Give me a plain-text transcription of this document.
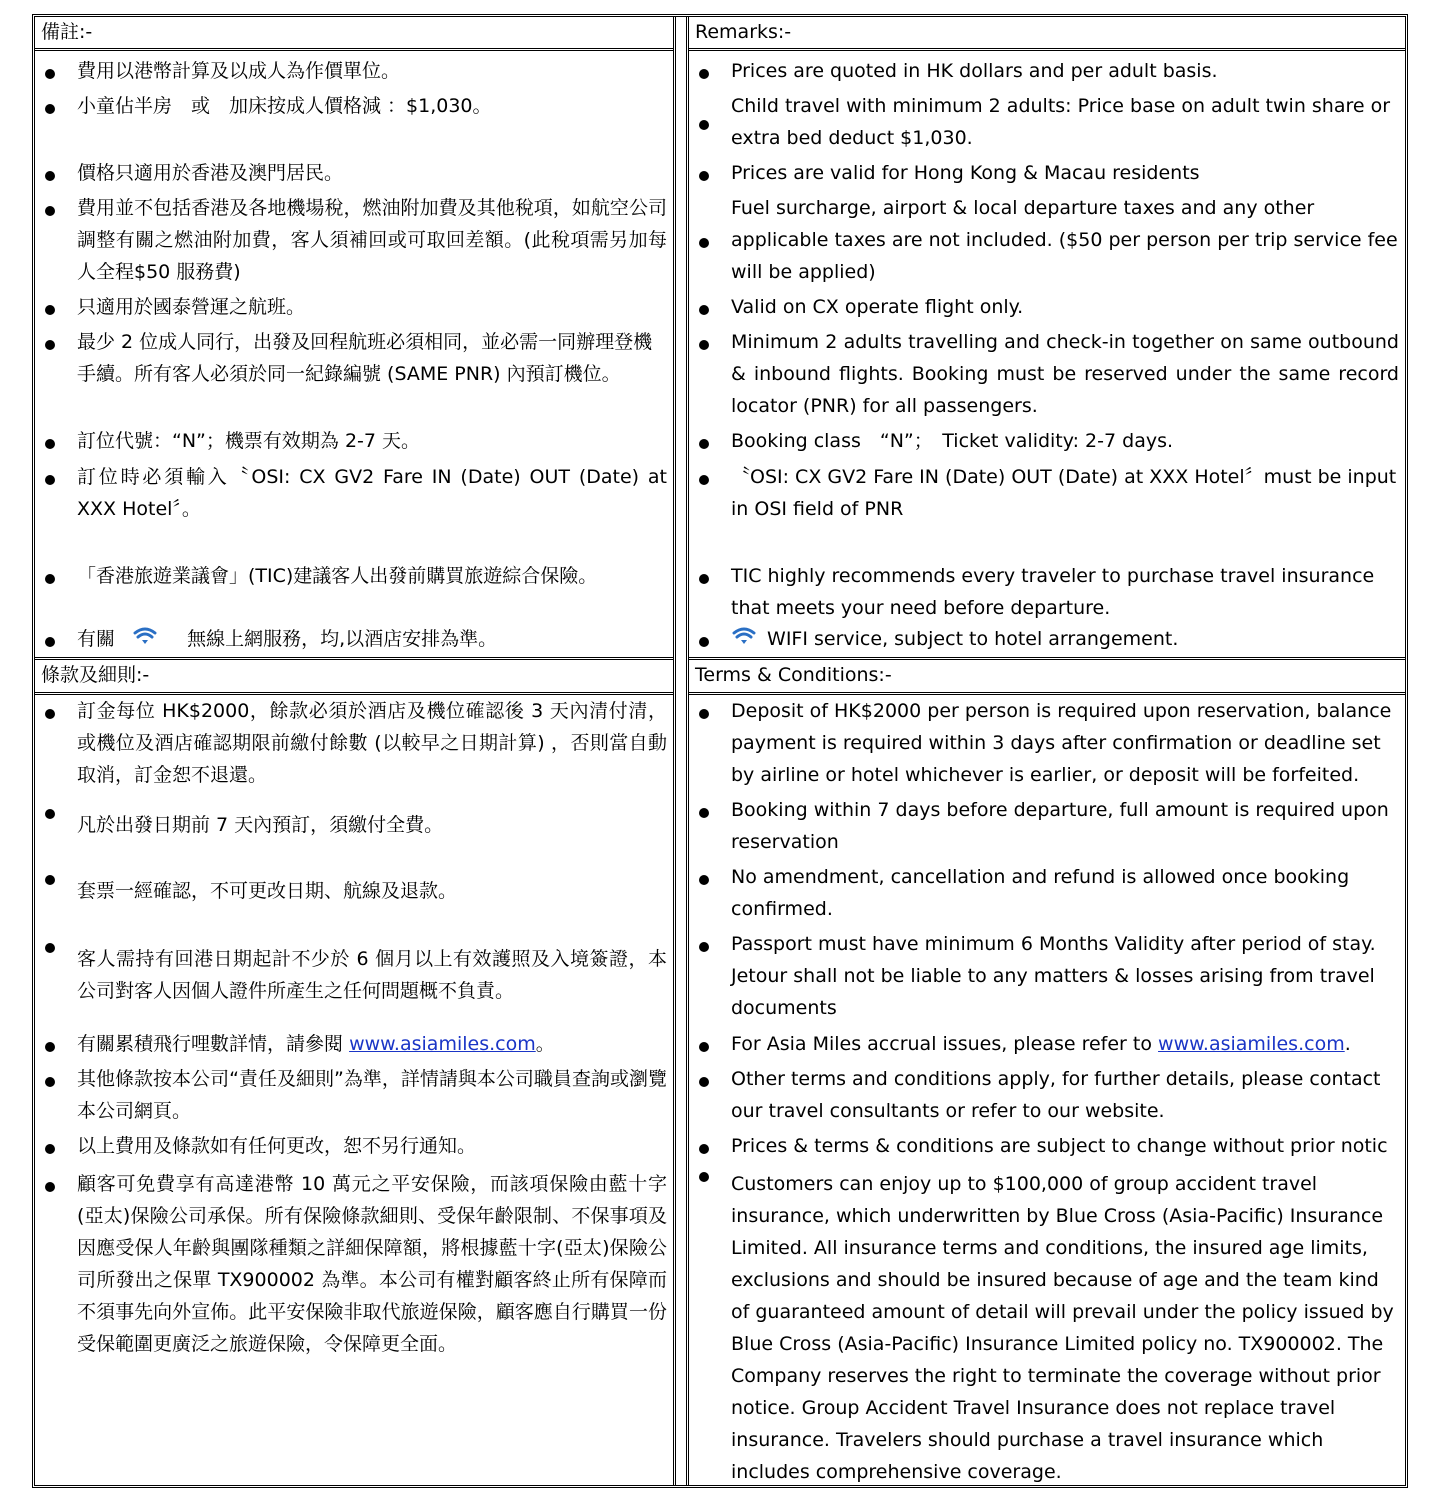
備註:-
費用以港幣計算及以成人為作價單位。
小童佔半房　或　加床按成人價格減 ：$1,030。
價格只適用於香港及澳門居民。
費用並不包括香港及各地機場稅，燃油附加費及其他稅項，如航空公司調整有關之燃油附加費，客人須補回或可取回差額。(此稅項需另加每人全程$50 服務費)
只適用於國泰營運之航班。
最少 2 位成人同行，出發及回程航班必須相同，並必需一同辦理登機手續。所有客人必須於同一紀錄編號 (SAME PNR) 內預訂機位。
訂位代號：“N”；機票有效期為 2-7 天。
訂位時必須輸入〝OSI: CX GV2 Fare IN (Date) OUT (Date) at XXX Hotel〞。
「香港旅遊業議會」(TIC)建議客人出發前購買旅遊綜合保險。
有關	無線上網服務，均,以酒店安排為準。
條款及細則:-
訂金每位 HK$2000，餘款必須於酒店及機位確認後 3 天內清付清，或機位及酒店確認期限前繳付餘數 (以較早之日期計算) ，否則當自動取消，訂金恕不退還。
凡於出發日期前 7 天內預訂，須繳付全費。
套票一經確認，不可更改日期、航線及退款。
客人需持有回港日期起計不少於 6 個月以上有效護照及入境簽證，本公司對客人因個人證件所產生之任何問題概不負責。
有關累積飛行哩數詳情，請參閱 www.asiamiles.com。
其他條款按本公司“責任及細則”為準，詳情請與本公司職員查詢或瀏覽本公司網頁。
以上費用及條款如有任何更改，恕不另行通知。
顧客可免費享有高達港幣 10 萬元之平安保險，而該項保險由藍十字(亞太)保險公司承保。所有保險條款細則、受保年齡限制、不保事項及因應受保人年齡與團隊種類之詳細保障額，將根據藍十字(亞太)保險公司所發出之保單 TX900002 為準。本公司有權對顧客終止所有保障而不須事先向外宣佈。此平安保險非取代旅遊保險，顧客應自行購買一份受保範圍更廣泛之旅遊保險，令保障更全面。
Remarks:-
Prices are quoted in HK dollars and per adult basis.
Child travel with minimum 2 adults: Price base on adult twin share or extra bed deduct $1,030.
Prices are valid for Hong Kong & Macau residents
Fuel surcharge, airport & local departure taxes and any other applicable taxes are not included. ($50 per person per trip service fee will be applied)
Valid on CX operate flight only.
Minimum 2 adults travelling and check-in together on same outbound & inbound flights. Booking must be reserved under the same record locator (PNR) for all passengers.
Booking class　“N”；　Ticket validity: 2-7 days.
〝OSI: CX GV2 Fare IN (Date) OUT (Date) at XXX Hotel〞must be input in OSI field of PNR
TIC highly recommends every traveler to purchase travel insurance that meets your need before departure.
WIFI service, subject to hotel arrangement.
Terms & Conditions:-
Deposit of HK$2000 per person is required upon reservation, balance payment is required within 3 days after confirmation or deadline set by airline or hotel whichever is earlier, or deposit will be forfeited.
Booking within 7 days before departure, full amount is required upon reservation
No amendment, cancellation and refund is allowed once booking confirmed.
Passport must have minimum 6 Months Validity after period of stay. Jetour shall not be liable to any matters & losses arising from travel documents
For Asia Miles accrual issues, please refer to www.asiamiles.com.
Other terms and conditions apply, for further details, please contact our travel consultants or refer to our website.
Prices & terms & conditions are subject to change without prior notic
Customers can enjoy up to $100,000 of group accident travel insurance, which underwritten by Blue Cross (Asia-Pacific) Insurance Limited. All insurance terms and conditions, the insured age limits, exclusions and should be insured because of age and the team kind of guaranteed amount of detail will prevail under the policy issued by Blue Cross (Asia-Pacific) Insurance Limited policy no. TX900002. The Company reserves the right to terminate the coverage without prior notice. Group Accident Travel Insurance does not replace travel insurance. Travelers should purchase a travel insurance which includes comprehensive coverage.
